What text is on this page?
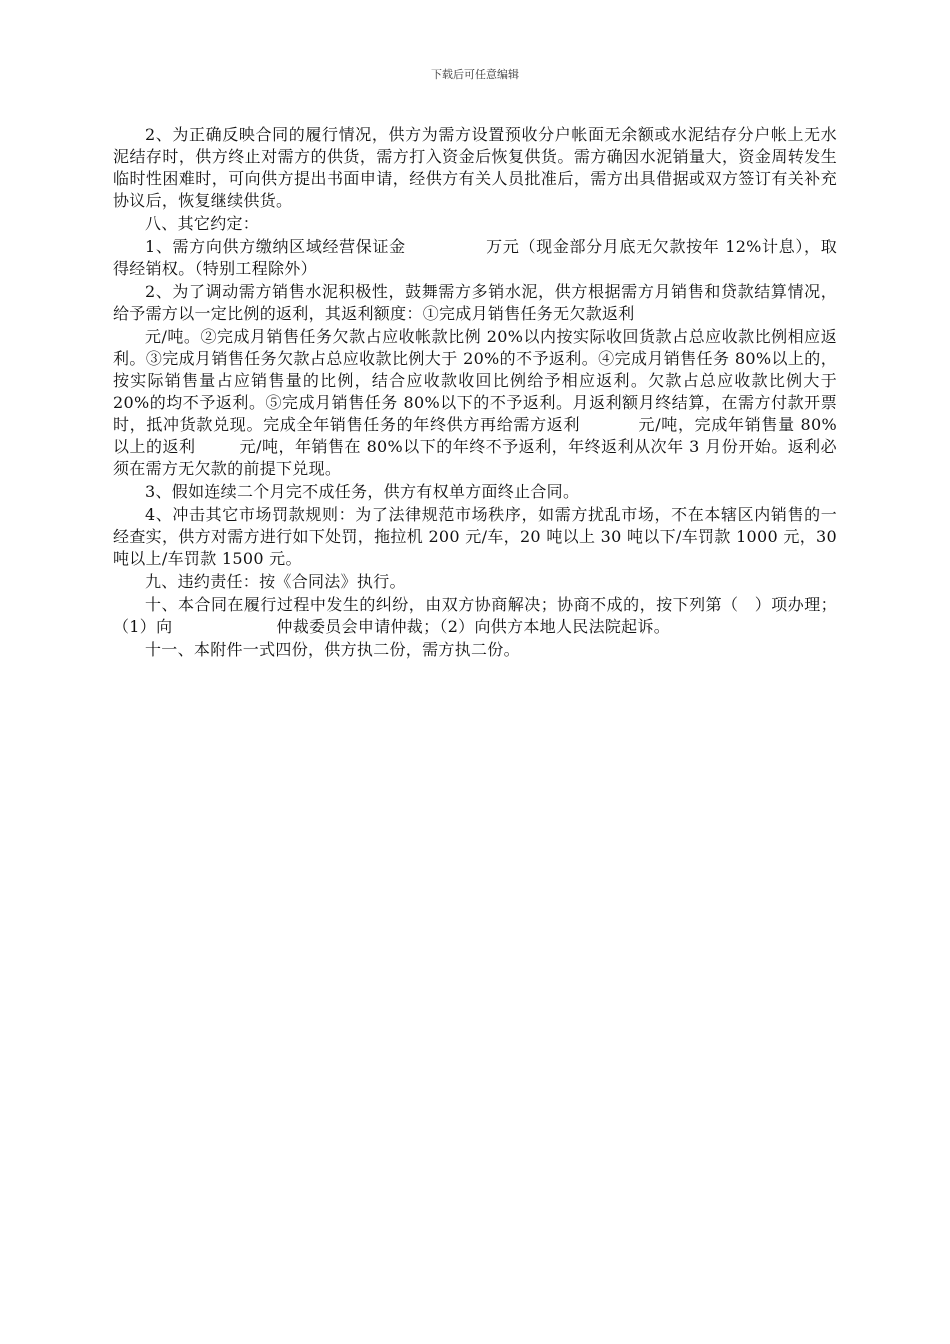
下载后可任意编辑

2、为正确反映合同的履行情况，供方为需方设置预收分户帐面无余额或水泥结存分户帐上无水泥结存时，供方终止对需方的供货，需方打入资金后恢复供货。需方确因水泥销量大，资金周转发生临时性困难时，可向供方提出书面申请，经供方有关人员批准后，需方出具借据或双方签订有关补充协议后，恢复继续供货。

八、其它约定：

1、需方向供方缴纳区域经营保证金	万元（现金部分月底无欠款按年 12%计息），取得经销权。（特别工程除外）

2、为了调动需方销售水泥积极性，鼓舞需方多销水泥，供方根据需方月销售和贷款结算情况，给予需方以一定比例的返利，其返利额度：①完成月销售任务无欠款返利

元/吨。②完成月销售任务欠款占应收帐款比例 20%以内按实际收回货款占总应收款比例相应返利。③完成月销售任务欠款占总应收款比例大于 20%的不予返利。④完成月销售任务 80%以上的，按实际销售量占应销售量的比例，结合应收款收回比例给予相应返利。欠款占总应收款比例大于 20%的均不予返利。⑤完成月销售任务 80%以下的不予返利。月返利额月终结算，在需方付款开票时，抵冲货款兑现。完成全年销售任务的年终供方再给需方返利	元/吨，完成年销售量 80%以上的返利	元/吨，年销售在 80%以下的年终不予返利，年终返利从次年 3 月份开始。返利必须在需方无欠款的前提下兑现。

3、假如连续二个月完不成任务，供方有权单方面终止合同。

4、冲击其它市场罚款规则：为了法律规范市场秩序，如需方扰乱市场，不在本辖区内销售的一经查实，供方对需方进行如下处罚，拖拉机 200 元/车，20 吨以上 30 吨以下/车罚款 1000 元，30 吨以上/车罚款 1500 元。

九、违约责任：按《合同法》执行。

十、本合同在履行过程中发生的纠纷，由双方协商解决；协商不成的，按下列第（ ）项办理；（1）向	仲裁委员会申请仲裁；（2）向供方本地人民法院起诉。

十一、本附件一式四份，供方执二份，需方执二份。
